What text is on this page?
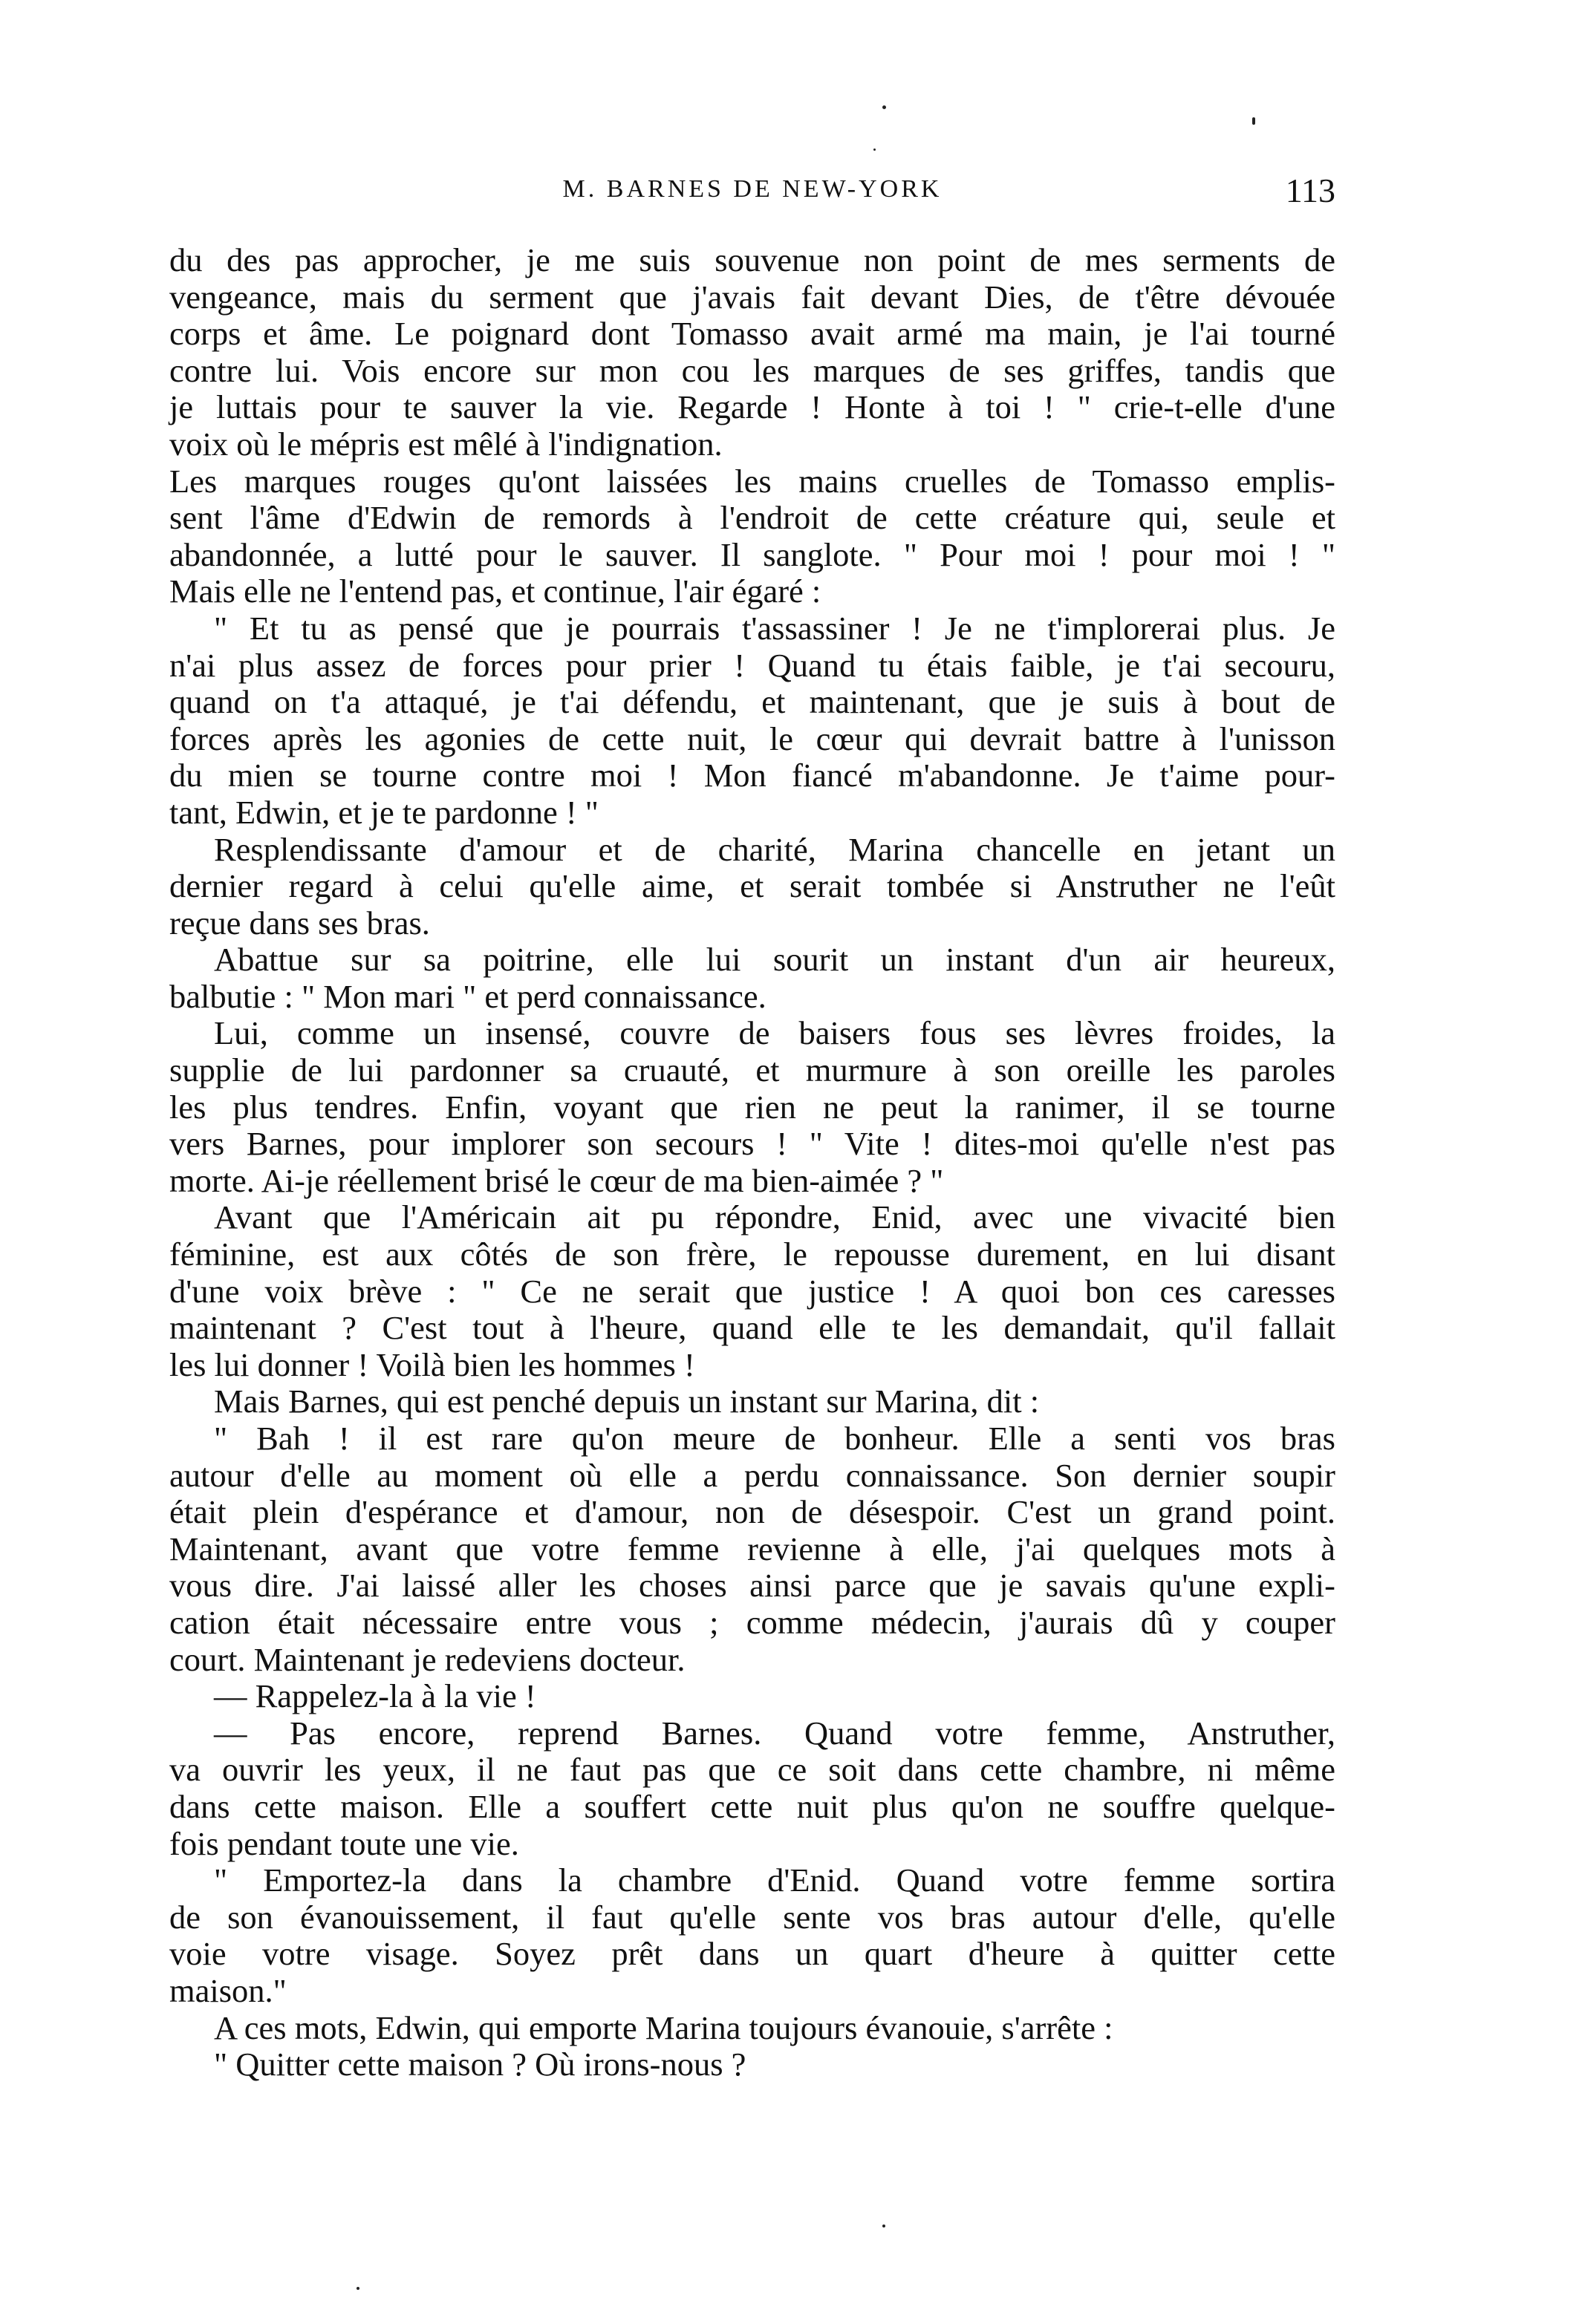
M. BARNES DE NEW-YORK	113
du des pas approcher, je me suis souvenue non point de mes serments de
vengeance, mais du serment que j'avais fait devant Dies, de t'être dévouée
corps et âme. Le poignard dont Tomasso avait armé ma main, je l'ai tourné
contre lui. Vois encore sur mon cou les marques de ses griffes, tandis que
je luttais pour te sauver la vie. Regarde ! Honte à toi ! " crie-t-elle d'une
voix où le mépris est mêlé à l'indignation.
Les marques rouges qu'ont laissées les mains cruelles de Tomasso emplis-
sent l'âme d'Edwin de remords à l'endroit de cette créature qui, seule et
abandonnée, a lutté pour le sauver. Il sanglote. " Pour moi ! pour moi ! "
Mais elle ne l'entend pas, et continue, l'air égaré :
" Et tu as pensé que je pourrais t'assassiner ! Je ne t'implorerai plus. Je
n'ai plus assez de forces pour prier ! Quand tu étais faible, je t'ai secouru,
quand on t'a attaqué, je t'ai défendu, et maintenant, que je suis à bout de
forces après les agonies de cette nuit, le cœur qui devrait battre à l'unisson
du mien se tourne contre moi ! Mon fiancé m'abandonne. Je t'aime pour-
tant, Edwin, et je te pardonne ! "
Resplendissante d'amour et de charité, Marina chancelle en jetant un
dernier regard à celui qu'elle aime, et serait tombée si Anstruther ne l'eût
reçue dans ses bras.
Abattue sur sa poitrine, elle lui sourit un instant d'un air heureux,
balbutie : " Mon mari " et perd connaissance.
Lui, comme un insensé, couvre de baisers fous ses lèvres froides, la
supplie de lui pardonner sa cruauté, et murmure à son oreille les paroles
les plus tendres. Enfin, voyant que rien ne peut la ranimer, il se tourne
vers Barnes, pour implorer son secours ! " Vite ! dites-moi qu'elle n'est pas
morte. Ai-je réellement brisé le cœur de ma bien-aimée ? "
Avant que l'Américain ait pu répondre, Enid, avec une vivacité bien
féminine, est aux côtés de son frère, le repousse durement, en lui disant
d'une voix brève : " Ce ne serait que justice ! A quoi bon ces caresses
maintenant ? C'est tout à l'heure, quand elle te les demandait, qu'il fallait
les lui donner ! Voilà bien les hommes !
Mais Barnes, qui est penché depuis un instant sur Marina, dit :
" Bah ! il est rare qu'on meure de bonheur. Elle a senti vos bras
autour d'elle au moment où elle a perdu connaissance. Son dernier soupir
était plein d'espérance et d'amour, non de désespoir. C'est un grand point.
Maintenant, avant que votre femme revienne à elle, j'ai quelques mots à
vous dire. J'ai laissé aller les choses ainsi parce que je savais qu'une expli-
cation était nécessaire entre vous ; comme médecin, j'aurais dû y couper
court. Maintenant je redeviens docteur.
— Rappelez-la à la vie !
— Pas encore, reprend Barnes. Quand votre femme, Anstruther,
va ouvrir les yeux, il ne faut pas que ce soit dans cette chambre, ni même
dans cette maison. Elle a souffert cette nuit plus qu'on ne souffre quelque-
fois pendant toute une vie.
" Emportez-la dans la chambre d'Enid. Quand votre femme sortira
de son évanouissement, il faut qu'elle sente vos bras autour d'elle, qu'elle
voie votre visage. Soyez prêt dans un quart d'heure à quitter cette
maison."
A ces mots, Edwin, qui emporte Marina toujours évanouie, s'arrête :
" Quitter cette maison ? Où irons-nous ?
